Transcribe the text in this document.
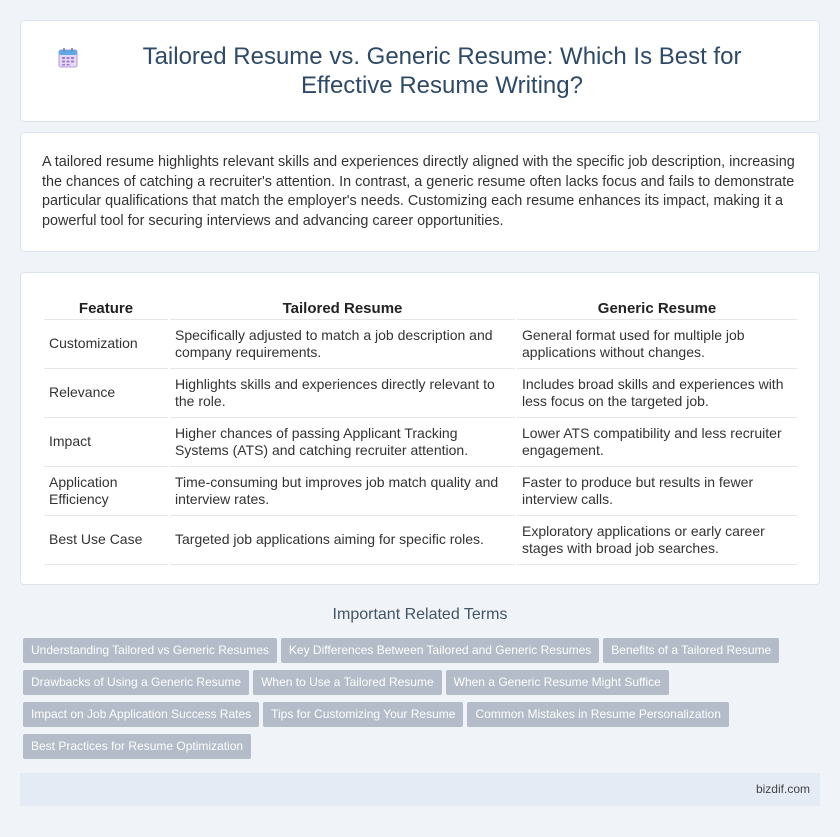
Tailored Resume vs. Generic Resume: Which Is Best for Effective Resume Writing?

A tailored resume highlights relevant skills and experiences directly aligned with the specific job description, increasing the chances of catching a recruiter's attention. In contrast, a generic resume often lacks focus and fails to demonstrate particular qualifications that match the employer's needs. Customizing each resume enhances its impact, making it a powerful tool for securing interviews and advancing career opportunities.

Feature	Tailored Resume	Generic Resume
Customization	Specifically adjusted to match a job description and company requirements.	General format used for multiple job applications without changes.
Relevance	Highlights skills and experiences directly relevant to the role.	Includes broad skills and experiences with less focus on the targeted job.
Impact	Higher chances of passing Applicant Tracking Systems (ATS) and catching recruiter attention.	Lower ATS compatibility and less recruiter engagement.
Application Efficiency	Time-consuming but improves job match quality and interview rates.	Faster to produce but results in fewer interview calls.
Best Use Case	Targeted job applications aiming for specific roles.	Exploratory applications or early career stages with broad job searches.
Important Related Terms
Understanding Tailored vs Generic Resumes Key Differences Between Tailored and Generic Resumes Benefits of a Tailored Resume
Drawbacks of Using a Generic Resume When to Use a Tailored Resume When a Generic Resume Might Suffice
Impact on Job Application Success Rates Tips for Customizing Your Resume Common Mistakes in Resume Personalization
Best Practices for Resume Optimization
bizdif.com
